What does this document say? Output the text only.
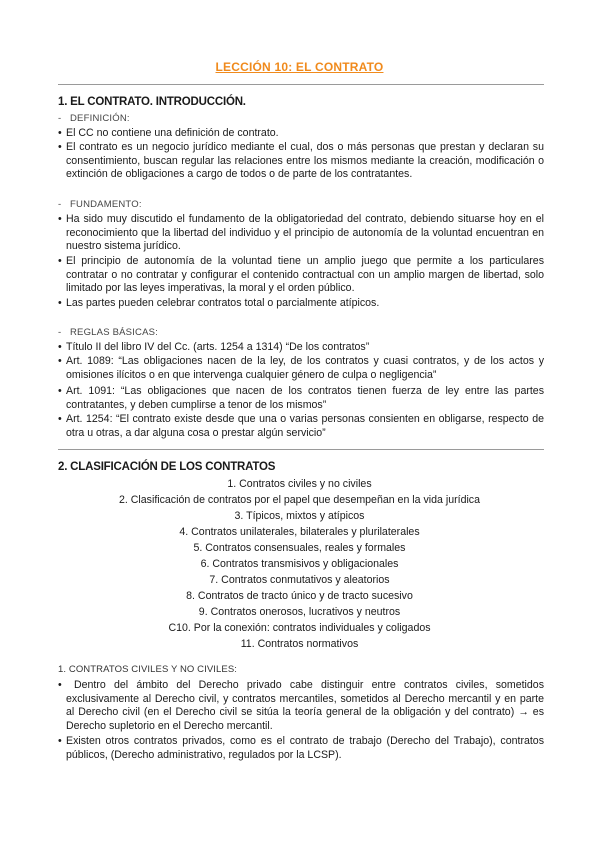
LECCIÓN 10: EL CONTRATO
1. EL CONTRATO. INTRODUCCIÓN.
- DEFINICIÓN:
• El CC no contiene una definición de contrato.
• El contrato es un negocio jurídico mediante el cual, dos o más personas que prestan y declaran su consentimiento, buscan regular las relaciones entre los mismos mediante la creación, modificación o extinción de obligaciones a cargo de todos o de parte de los contratantes.
- FUNDAMENTO:
• Ha sido muy discutido el fundamento de la obligatoriedad del contrato, debiendo situarse hoy en el reconocimiento que la libertad del individuo y el principio de autonomía de la voluntad encuentran en nuestro sistema jurídico.
• El principio de autonomía de la voluntad tiene un amplio juego que permite a los particulares contratar o no contratar y configurar el contenido contractual con un amplio margen de libertad, solo limitado por las leyes imperativas, la moral y el orden público.
• Las partes pueden celebrar contratos total o parcialmente atípicos.
- REGLAS BÁSICAS:
• Título II del libro IV del Cc. (arts. 1254 a 1314) “De los contratos”
• Art. 1089: “Las obligaciones nacen de la ley, de los contratos y cuasi contratos, y de los actos y omisiones ilícitos o en que intervenga cualquier género de culpa o negligencia”
• Art. 1091: “Las obligaciones que nacen de los contratos tienen fuerza de ley entre las partes contratantes, y deben cumplirse a tenor de los mismos”
• Art. 1254: “El contrato existe desde que una o varias personas consienten en obligarse, respecto de otra u otras, a dar alguna cosa o prestar algún servicio”
2. CLASIFICACIÓN DE LOS CONTRATOS
1. Contratos civiles y no civiles
2. Clasificación de contratos por el papel que desempeñan en la vida jurídica
3. Típicos, mixtos y atípicos
4. Contratos unilaterales, bilaterales y plurilaterales
5. Contratos consensuales, reales y formales
6. Contratos transmisivos y obligacionales
7. Contratos conmutativos y aleatorios
8. Contratos de tracto único y de tracto sucesivo
9. Contratos onerosos, lucrativos y neutros
C10. Por la conexión: contratos individuales y coligados
11. Contratos normativos
1. CONTRATOS CIVILES Y NO CIVILES:
•	Dentro del ámbito del Derecho privado cabe distinguir entre contratos civiles, sometidos exclusivamente al Derecho civil, y contratos mercantiles, sometidos al Derecho mercantil y en parte al Derecho civil (en el Derecho civil se sitúa la teoría general de la obligación y del contrato) → es Derecho supletorio en el Derecho mercantil.
• Existen otros contratos privados, como es el contrato de trabajo (Derecho del Trabajo), contratos públicos, (Derecho administrativo, regulados por la LCSP).
